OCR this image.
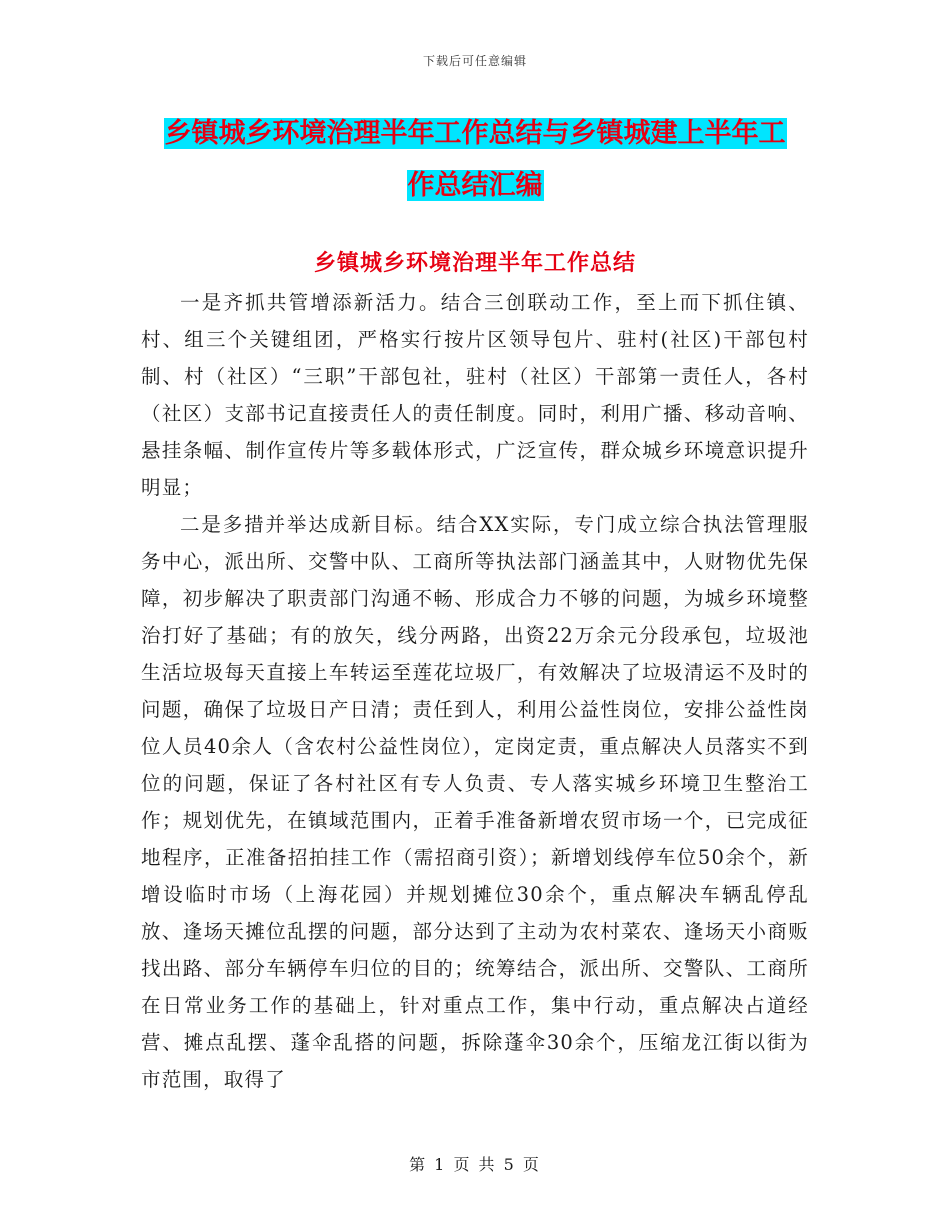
下载后可任意编辑
乡镇城乡环境治理半年工作总结与乡镇城建上半年工
作总结汇编
乡镇城乡环境治理半年工作总结

一是齐抓共管增添新活力。结合三创联动工作，至上而下抓住镇、村、组三个关键组团，严格实行按片区领导包片、驻村(社区)干部包村制、村（社区）“三职”干部包社，驻村（社区）干部第一责任人，各村（社区）支部书记直接责任人的责任制度。同时，利用广播、移动音响、悬挂条幅、制作宣传片等多载体形式，广泛宣传，群众城乡环境意识提升明显；

二是多措并举达成新目标。结合XX实际，专门成立综合执法管理服务中心，派出所、交警中队、工商所等执法部门涵盖其中，人财物优先保障，初步解决了职责部门沟通不畅、形成合力不够的问题，为城乡环境整治打好了基础；有的放矢，线分两路，出资22万余元分段承包，垃圾池生活垃圾每天直接上车转运至莲花垃圾厂，有效解决了垃圾清运不及时的问题，确保了垃圾日产日清；责任到人，利用公益性岗位，安排公益性岗位人员40余人（含农村公益性岗位），定岗定责，重点解决人员落实不到位的问题，保证了各村社区有专人负责、专人落实城乡环境卫生整治工作；规划优先，在镇域范围内，正着手准备新增农贸市场一个，已完成征地程序，正准备招拍挂工作（需招商引资）；新增划线停车位50余个，新增设临时市场（上海花园）并规划摊位30余个，重点解决车辆乱停乱放、逢场天摊位乱摆的问题，部分达到了主动为农村菜农、逢场天小商贩找出路、部分车辆停车归位的目的；统筹结合，派出所、交警队、工商所在日常业务工作的基础上，针对重点工作，集中行动，重点解决占道经营、摊点乱摆、蓬伞乱搭的问题，拆除蓬伞30余个，压缩龙江街以街为市范围，取得了

第 1 页 共 5 页
